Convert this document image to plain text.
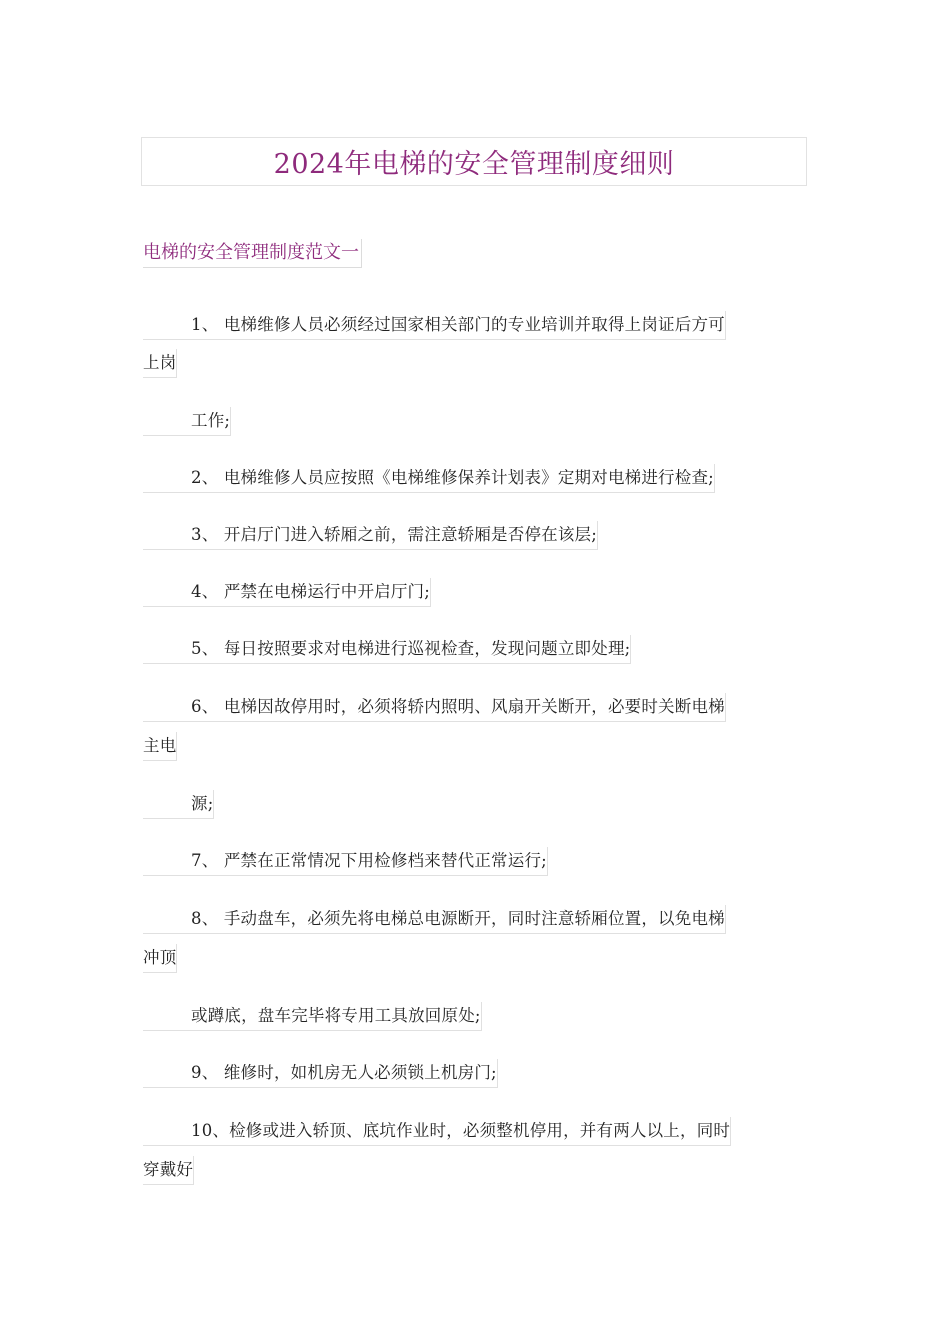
2024年电梯的安全管理制度细则
电梯的安全管理制度范文一
1、 电梯维修人员必须经过国家相关部门的专业培训并取得上岗证后方可
上岗
工作;
2、 电梯维修人员应按照《电梯维修保养计划表》定期对电梯进行检查;
3、 开启厅门进入轿厢之前，需注意轿厢是否停在该层;
4、 严禁在电梯运行中开启厅门;
5、 每日按照要求对电梯进行巡视检查，发现问题立即处理;
6、 电梯因故停用时，必须将轿内照明、风扇开关断开，必要时关断电梯
主电
源;
7、 严禁在正常情况下用检修档来替代正常运行;
8、 手动盘车，必须先将电梯总电源断开，同时注意轿厢位置，以免电梯
冲顶
或蹲底，盘车完毕将专用工具放回原处;
9、 维修时，如机房无人必须锁上机房门;
10、检修或进入轿顶、底坑作业时，必须整机停用，并有两人以上，同时
穿戴好
